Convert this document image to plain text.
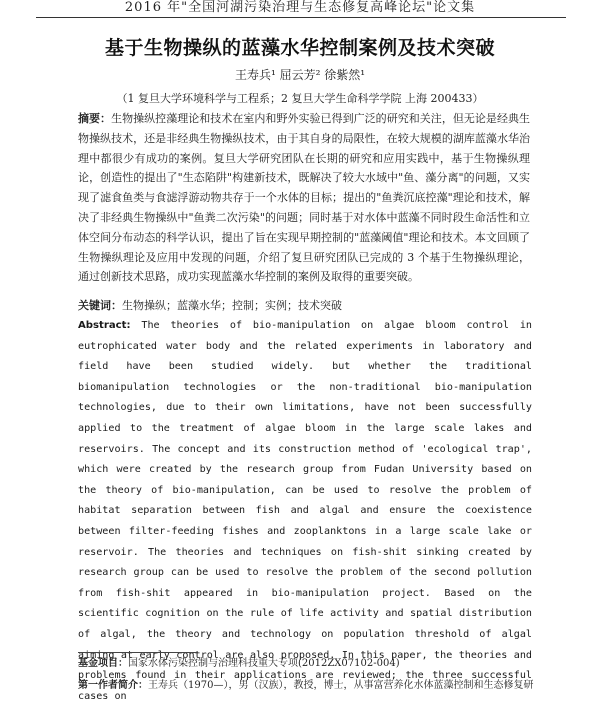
2016 年"全国河湖污染治理与生态修复高峰论坛"论文集
基于生物操纵的蓝藻水华控制案例及技术突破
王寿兵¹ 屈云芳² 徐紫然¹
（1 复旦大学环境科学与工程系；2 复旦大学生命科学学院 上海 200433）
摘要：生物操纵控藻理论和技术在室内和野外实验已得到广泛的研究和关注，但无论是经典生物操纵技术，还是非经典生物操纵技术，由于其自身的局限性，在较大规模的湖库蓝藻水华治理中都很少有成功的案例。复旦大学研究团队在长期的研究和应用实践中，基于生物操纵理论，创造性的提出了"生态陷阱"构建新技术，既解决了较大水域中"鱼、藻分离"的问题，又实现了滤食鱼类与食滤浮游动物共存于一个水体的目标；提出的"鱼粪沉底控藻"理论和技术，解决了非经典生物操纵中"鱼粪二次污染"的问题；同时基于对水体中蓝藻不同时段生命活性和立体空间分布动态的科学认识，提出了旨在实现早期控制的"蓝藻阈值"理论和技术。本文回顾了生物操纵理论及应用中发现的问题，介绍了复旦研究团队已完成的 3 个基于生物操纵理论，通过创新技术思路，成功实现蓝藻水华控制的案例及取得的重要突破。
关键词：生物操纵；蓝藻水华；控制；实例；技术突破
Abstract: The theories of bio-manipulation on algae bloom control in eutrophicated water body and the related experiments in laboratory and field have been studied widely. but whether the traditional biomanipulation technologies or the non-traditional bio-manipulation technologies, due to their own limitations, have not been successfully applied to the treatment of algae bloom in the large scale lakes and reservoirs. The concept and its construction method of 'ecological trap', which were created by the research group from Fudan University based on the theory of bio-manipulation, can be used to resolve the problem of habitat separation between fish and algal and ensure the coexistence between filter-feeding fishes and zooplanktons in a large scale lake or reservoir. The theories and techniques on fish-shit sinking created by research group can be used to resolve the problem of the second pollution from fish-shit appeared in bio-manipulation project. Based on the scientific cognition on the rule of life activity and spatial distribution of algal, the theory and technology on population threshold of algal aiming at early control are also proposed. In this paper, the theories and problems found in their applications are reviewed; the three successful cases on
基金项目：国家水体污染控制与治理科技重大专项(2012ZX07102-004)
第一作者简介：王寿兵（1970—），男（汉族），教授，博士，从事富营养化水体蓝藻控制和生态修复研
